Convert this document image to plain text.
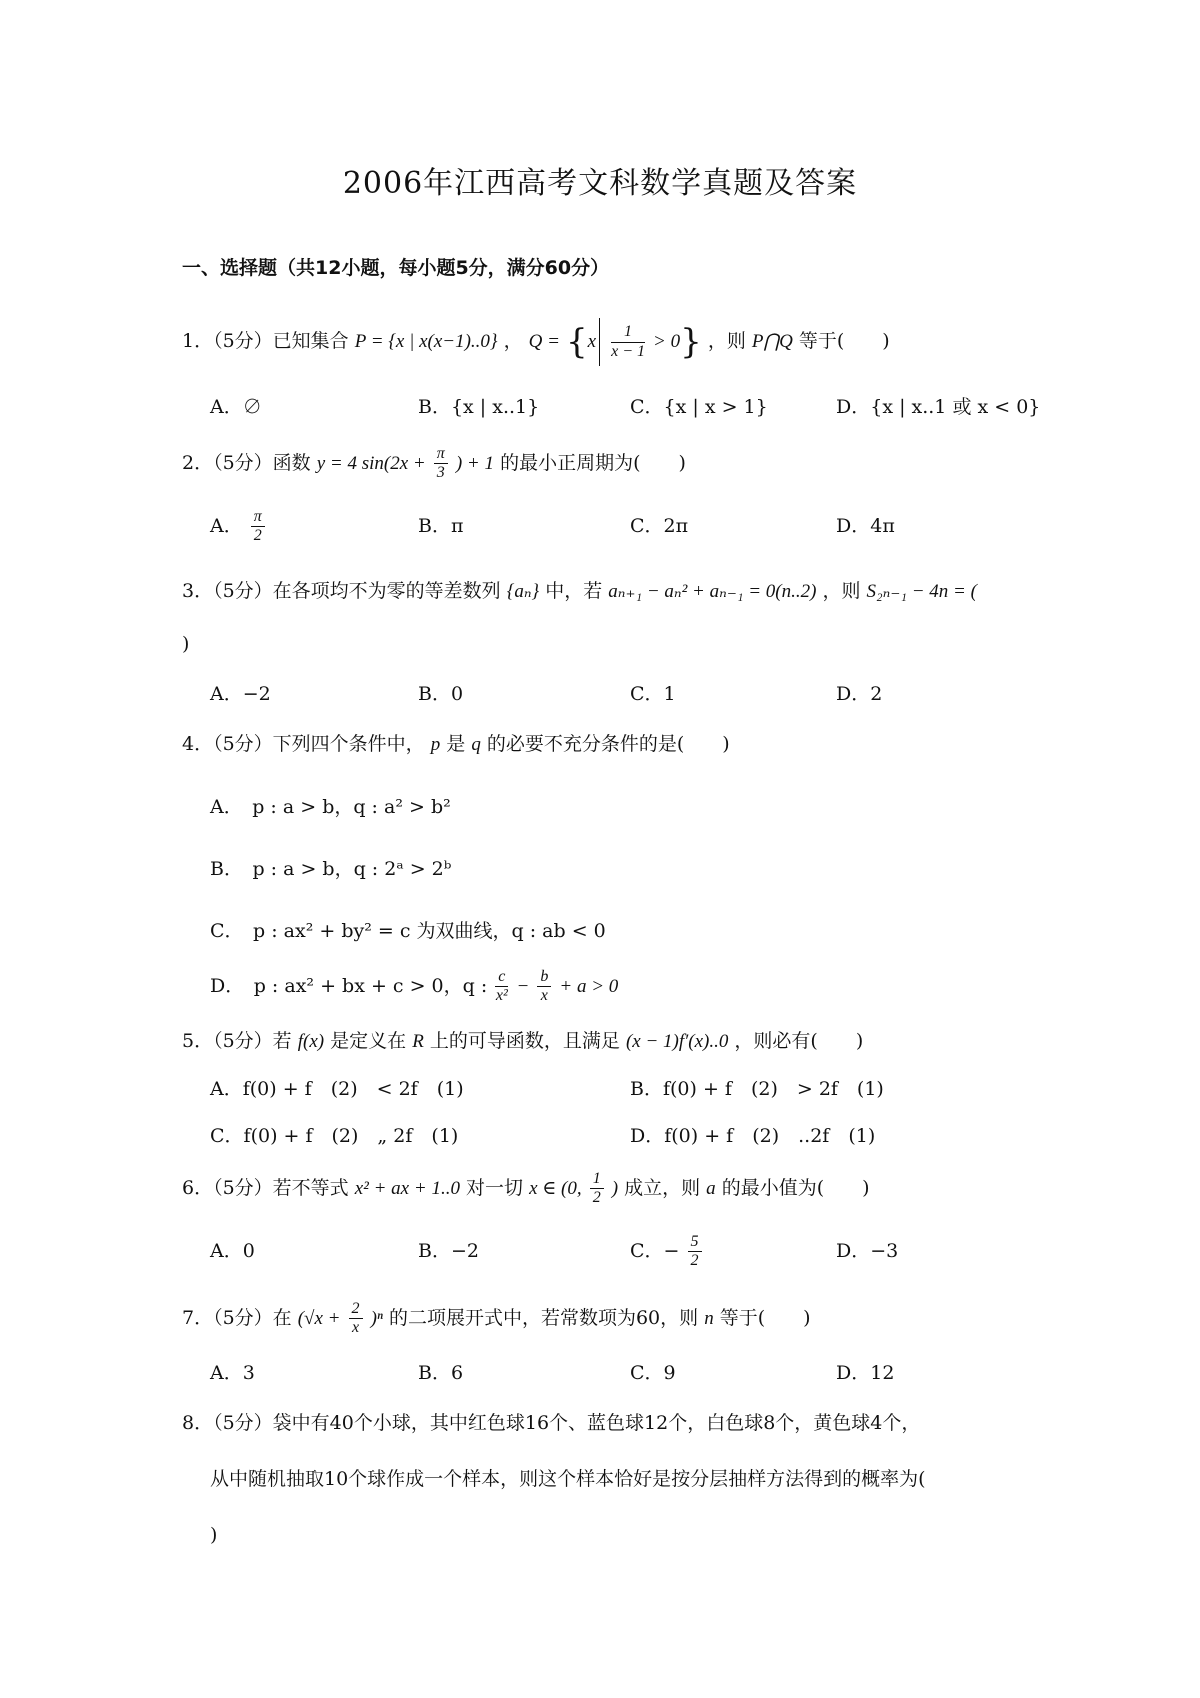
2006年江西高考文科数学真题及答案
一、选择题（共12小题，每小题5分，满分60分）
1．（5分）已知集合 P = {x | x(x−1)..0} ， $Q = \{x \frac{1}{x - 1} > 0\}$ ，则 P⋂Q 等于(　　)
A．∅	B．{x | x..1}	C．{x | x > 1}	D．{x | x..1 或 x < 0}
2．（5分）函数 y = 4 $\sin(2x + \frac{\pi}{3}$ ) + 1 的最小正周期为(　　)
A． $\frac{\pi}{2}$	B．π	C．2π	D．4π
3．（5分）在各项均不为零的等差数列 {aₙ} 中，若 aₙ₊₁ − aₙ² + aₙ₋₁ = 0(n..2) ，则 S₂ₙ₋₁ − 4n = (
)
A．−2	B．0	C．1	D．2
4．（5分）下列四个条件中， p 是 q 的必要不充分条件的是(　　)
A．　p : a > b，q : a² > b²
B．　p : a > b，q : 2ᵃ > 2ᵇ
C．　p : ax² + by² = c 为双曲线，q : ab < 0
D．　p : ax² + bx + c > 0，q : $\frac{c}{\text{x²}} - \frac{b}{x} + a > 0$
5．（5分）若 f(x) 是定义在 R 上的可导函数，且满足 (x − 1)f′(x)..0 ，则必有(　　)
A．f(0) + f　(2)　< 2f　(1)	B．f(0) + f　(2)　> 2f　(1)
C．f(0) + f　(2)　„ 2f　(1)	D．f(0) + f　(2)　..2f　(1)
6．（5分）若不等式 x² + ax + 1..0 对一切 x ∈ (0, $\frac{1}{2}$ ) 成立，则 a 的最小值为(　　)
A．0	B．−2	C．− $\frac{5}{2}$	D．−3
7．（5分）在 $(√x + \frac{2}{x} )^n$ 的二项展开式中，若常数项为60，则 n 等于(　　)
A．3	B．6	C．9	D．12
8．（5分）袋中有40个小球，其中红色球16个、蓝色球12个，白色球8个，黄色球4个，
从中随机抽取10个球作成一个样本，则这个样本恰好是按分层抽样方法得到的概率为(
)
